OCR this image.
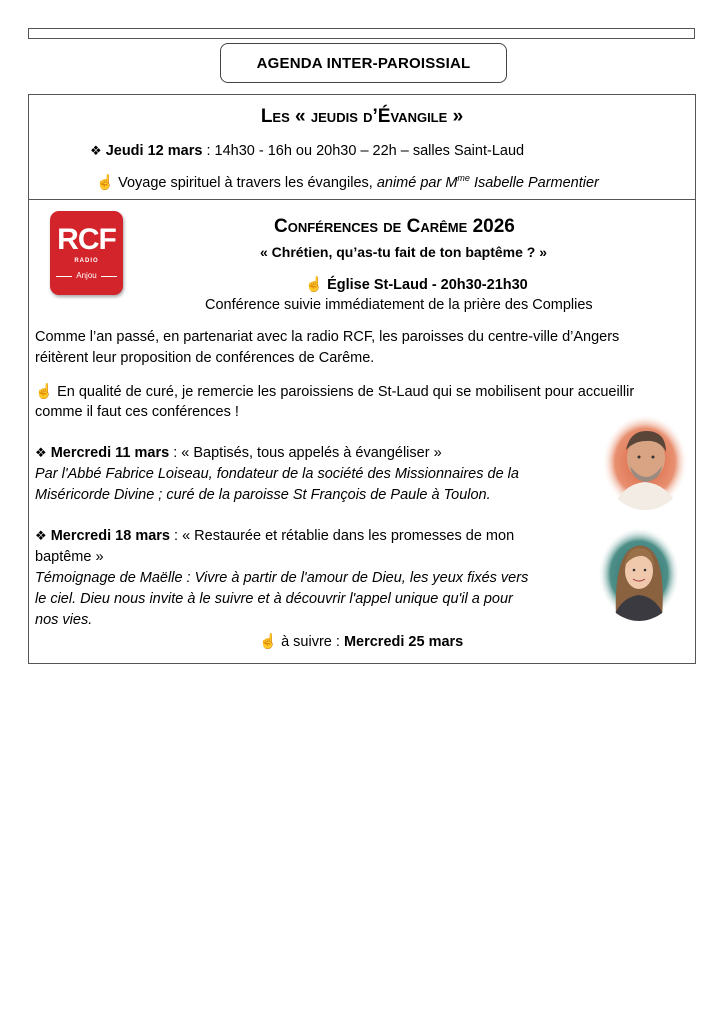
AGENDA INTER-PAROISSIAL
Les « jeudis d’Évangile »
❖ Jeudi 12 mars : 14h30 - 16h ou 20h30 – 22h – salles Saint-Laud
☝ Voyage spirituel à travers les évangiles, animé par $M^{me}$ Isabelle Parmentier
RCF
RADIO
Anjou
Conférences de Carême 2026
« Chrétien, qu’as-tu fait de ton baptême ? »
☝ Église St-Laud - 20h30-21h30
Conférence suivie immédiatement de la prière des Complies
Comme l’an passé, en partenariat avec la radio RCF, les paroisses du centre-ville d’Angers
réitèrent leur proposition de conférences de Carême.
☝ En qualité de curé, je remercie les paroissiens de St-Laud qui se mobilisent pour accueillir
comme il faut ces conférences !
❖ Mercredi 11 mars : « Baptisés, tous appelés à évangéliser »
Par l'Abbé Fabrice Loiseau, fondateur de la société des Missionnaires de la
Miséricorde Divine ; curé de la paroisse St François de Paule à Toulon.
❖ Mercredi 18 mars : « Restaurée et rétablie dans les promesses de mon
baptême »
Témoignage de Maëlle : Vivre à partir de l'amour de Dieu, les yeux fixés vers
le ciel. Dieu nous invite à le suivre et à découvrir l'appel unique qu'il a pour
nos vies.
☝ à suivre : Mercredi 25 mars
